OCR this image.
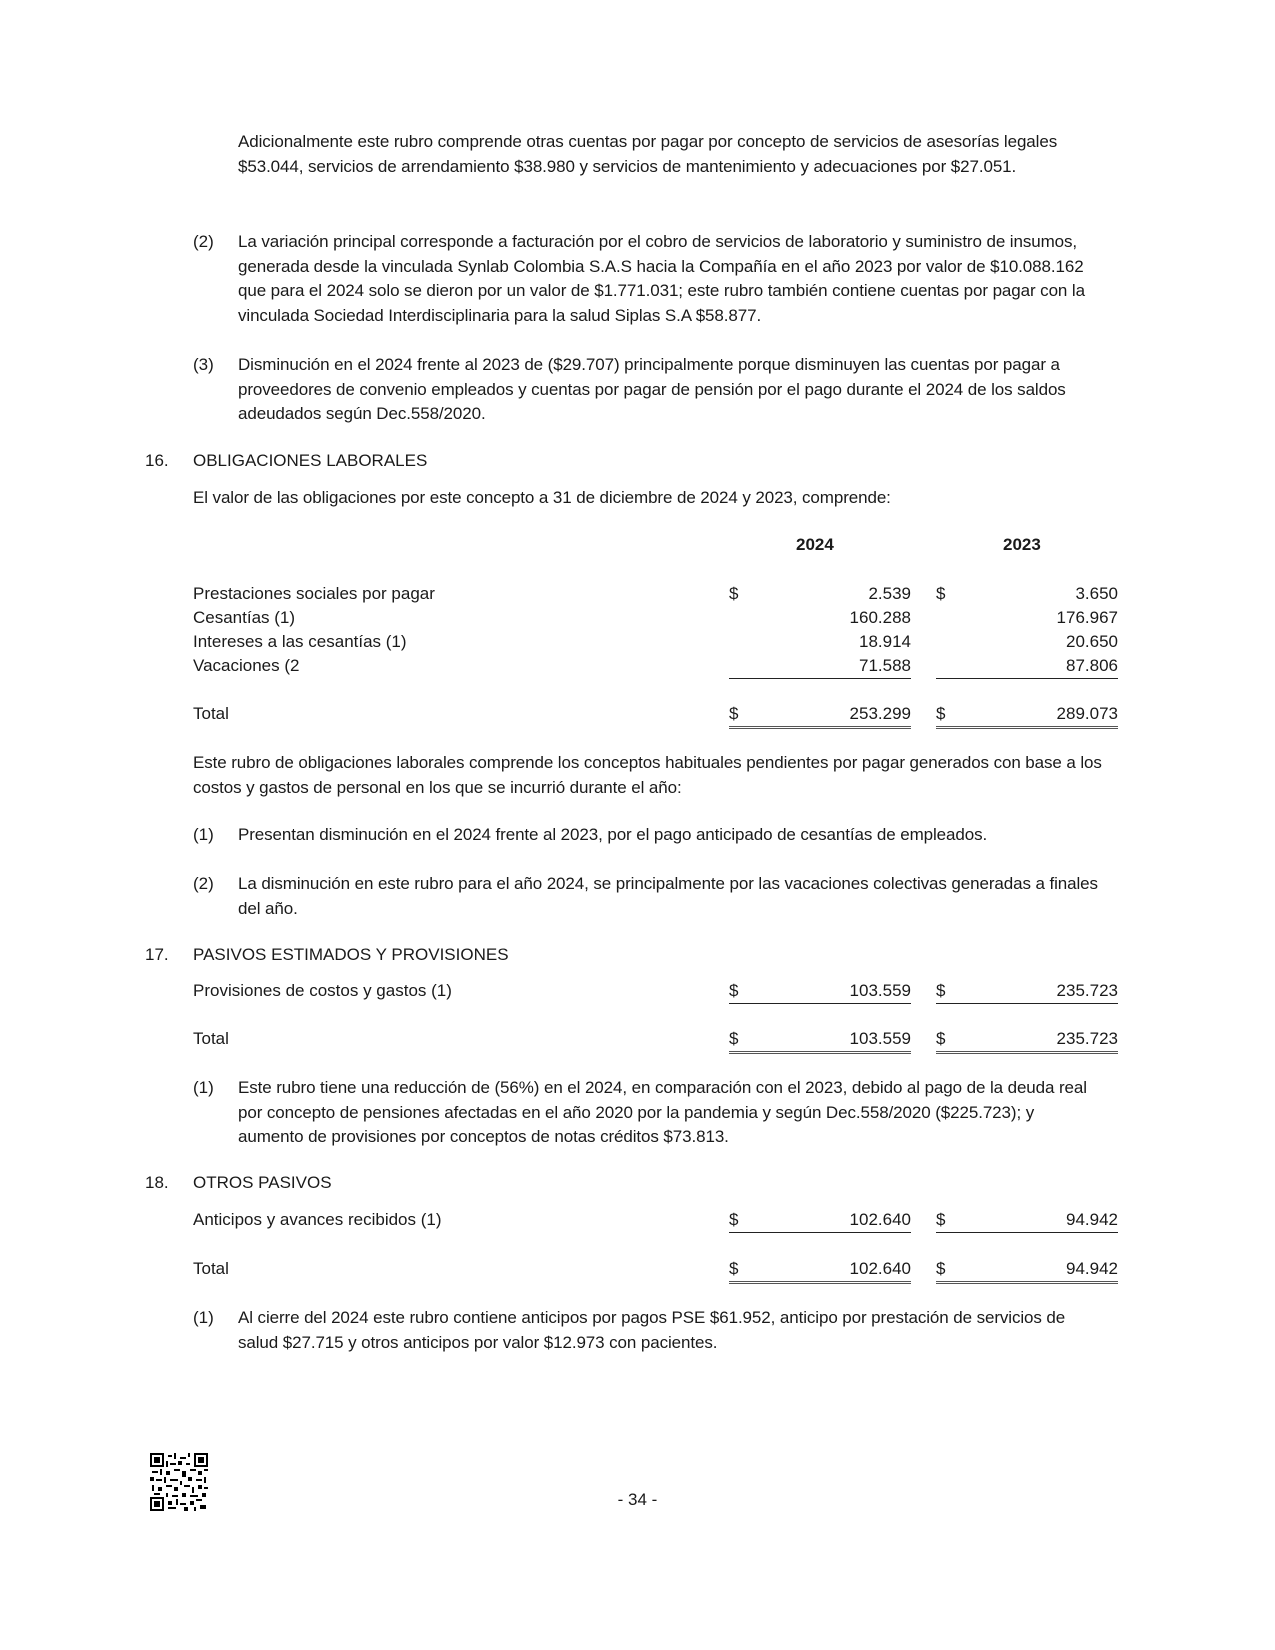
Adicionalmente este rubro comprende otras cuentas por pagar por concepto de servicios de asesorías legales $53.044, servicios de arrendamiento $38.980 y servicios de mantenimiento y adecuaciones por $27.051.
(2) La variación principal corresponde a facturación por el cobro de servicios de laboratorio y suministro de insumos, generada desde la vinculada Synlab Colombia S.A.S hacia la Compañía en el año 2023 por valor de $10.088.162 que para el 2024 solo se dieron por un valor de $1.771.031; este rubro también contiene cuentas por pagar con la vinculada Sociedad Interdisciplinaria para la salud Siplas S.A $58.877.
(3) Disminución en el 2024 frente al 2023 de ($29.707) principalmente porque disminuyen las cuentas por pagar a proveedores de convenio empleados y cuentas por pagar de pensión por el pago durante el 2024 de los saldos adeudados según Dec.558/2020.
16. OBLIGACIONES LABORALES
El valor de las obligaciones por este concepto a 31 de diciembre de 2024 y 2023, comprende:
2024	2023
Prestaciones sociales por pagar	$	2.539 $	3.650
Cesantías (1)	160.288	176.967
Intereses a las cesantías (1)	18.914	20.650
Vacaciones (2	71.588	87.806
Total	$	253.299 $	289.073
Este rubro de obligaciones laborales comprende los conceptos habituales pendientes por pagar generados con base a los costos y gastos de personal en los que se incurrió durante el año:
(1) Presentan disminución en el 2024 frente al 2023, por el pago anticipado de cesantías de empleados.
(2) La disminución en este rubro para el año 2024, se principalmente por las vacaciones colectivas generadas a finales del año.
17. PASIVOS ESTIMADOS Y PROVISIONES
Provisiones de costos y gastos (1)	$	103.559 $	235.723
Total	$	103.559 $	235.723
(1) Este rubro tiene una reducción de (56%) en el 2024, en comparación con el 2023, debido al pago de la deuda real por concepto de pensiones afectadas en el año 2020 por la pandemia y según Dec.558/2020 ($225.723); y aumento de provisiones por conceptos de notas créditos $73.813.
18. OTROS PASIVOS
Anticipos y avances recibidos (1)	$	102.640 $	94.942
Total	$	102.640 $	94.942
(1) Al cierre del 2024 este rubro contiene anticipos por pagos PSE $61.952, anticipo por prestación de servicios de salud $27.715 y otros anticipos por valor $12.973 con pacientes.
- 34 -
